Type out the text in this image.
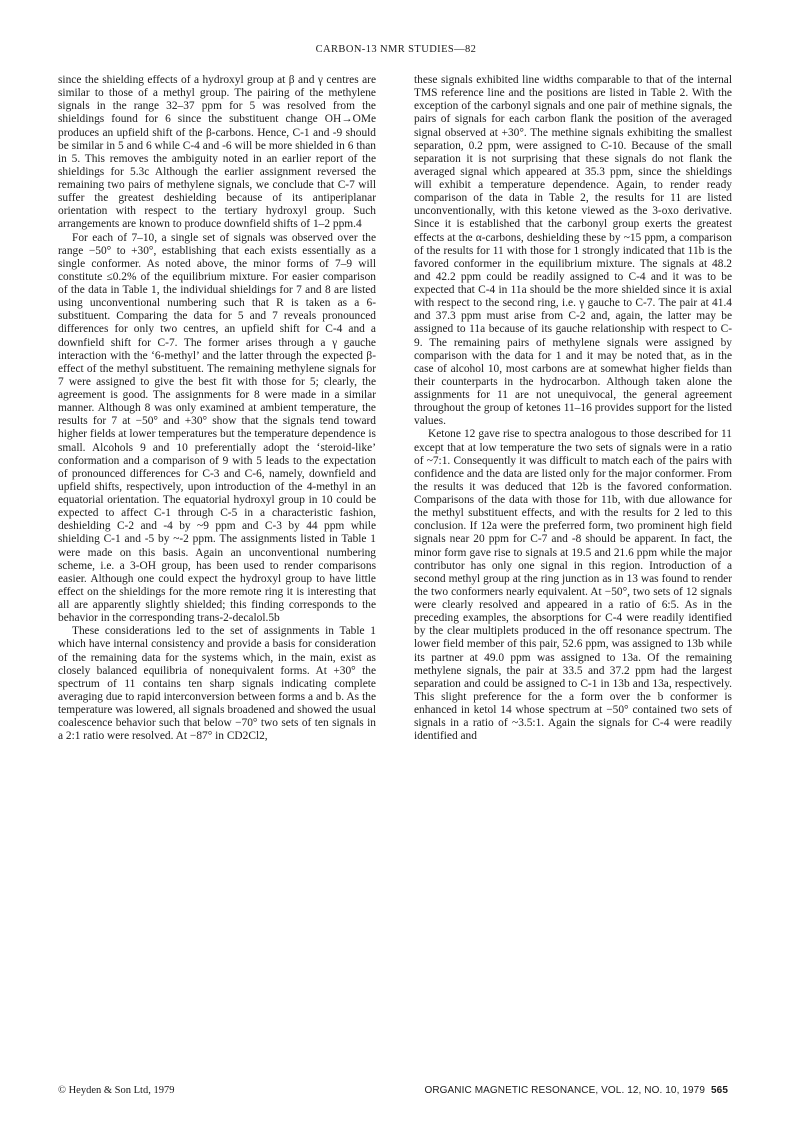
CARBON-13 NMR STUDIES—82

since the shielding effects of a hydroxyl group at β and γ centres are similar to those of a methyl group. The pairing of the methylene signals in the range 32–37 ppm for 5 was resolved from the shieldings found for 6 since the substituent change OH→OMe produces an upfield shift of the β-carbons. Hence, C-1 and -9 should be similar in 5 and 6 while C-4 and -6 will be more shielded in 6 than in 5. This removes the ambiguity noted in an earlier report of the shieldings for 5.3c Although the earlier assignment reversed the remaining two pairs of methylene signals, we conclude that C-7 will suffer the greatest deshielding because of its antiperiplanar orientation with respect to the tertiary hydroxyl group. Such arrangements are known to produce downfield shifts of 1–2 ppm.4

For each of 7–10, a single set of signals was observed over the range −50° to +30°, establishing that each exists essentially as a single conformer. As noted above, the minor forms of 7–9 will constitute ≤0.2% of the equilibrium mixture. For easier comparison of the data in Table 1, the individual shieldings for 7 and 8 are listed using unconventional numbering such that R is taken as a 6-substituent. Comparing the data for 5 and 7 reveals pronounced differences for only two centres, an upfield shift for C-4 and a downfield shift for C-7. The former arises through a γ gauche interaction with the ‘6-methyl’ and the latter through the expected β-effect of the methyl substituent. The remaining methylene signals for 7 were assigned to give the best fit with those for 5; clearly, the agreement is good. The assignments for 8 were made in a similar manner. Although 8 was only examined at ambient temperature, the results for 7 at −50° and +30° show that the signals tend toward higher fields at lower temperatures but the temperature dependence is small. Alcohols 9 and 10 preferentially adopt the ‘steroid-like’ conformation and a comparison of 9 with 5 leads to the expectation of pronounced differences for C-3 and C-6, namely, downfield and upfield shifts, respectively, upon introduction of the 4-methyl in an equatorial orientation. The equatorial hydroxyl group in 10 could be expected to affect C-1 through C-5 in a characteristic fashion, deshielding C-2 and -4 by ~9 ppm and C-3 by 44 ppm while shielding C-1 and -5 by ~-2 ppm. The assignments listed in Table 1 were made on this basis. Again an unconventional numbering scheme, i.e. a 3-OH group, has been used to render comparisons easier. Although one could expect the hydroxyl group to have little effect on the shieldings for the more remote ring it is interesting that all are apparently slightly shielded; this finding corresponds to the behavior in the corresponding trans-2-decalol.5b

These considerations led to the set of assignments in Table 1 which have internal consistency and provide a basis for consideration of the remaining data for the systems which, in the main, exist as closely balanced equilibria of nonequivalent forms. At +30° the spectrum of 11 contains ten sharp signals indicating complete averaging due to rapid interconversion between forms a and b. As the temperature was lowered, all signals broadened and showed the usual coalescence behavior such that below −70° two sets of ten signals in a 2:1 ratio were resolved. At −87° in CD2Cl2,

these signals exhibited line widths comparable to that of the internal TMS reference line and the positions are listed in Table 2. With the exception of the carbonyl signals and one pair of methine signals, the pairs of signals for each carbon flank the position of the averaged signal observed at +30°. The methine signals exhibiting the smallest separation, 0.2 ppm, were assigned to C-10. Because of the small separation it is not surprising that these signals do not flank the averaged signal which appeared at 35.3 ppm, since the shieldings will exhibit a temperature dependence. Again, to render ready comparison of the data in Table 2, the results for 11 are listed unconventionally, with this ketone viewed as the 3-oxo derivative. Since it is established that the carbonyl group exerts the greatest effects at the α-carbons, deshielding these by ~15 ppm, a comparison of the results for 11 with those for 1 strongly indicated that 11b is the favored conformer in the equilibrium mixture. The signals at 48.2 and 42.2 ppm could be readily assigned to C-4 and it was to be expected that C-4 in 11a should be the more shielded since it is axial with respect to the second ring, i.e. γ gauche to C-7. The pair at 41.4 and 37.3 ppm must arise from C-2 and, again, the latter may be assigned to 11a because of its gauche relationship with respect to C-9. The remaining pairs of methylene signals were assigned by comparison with the data for 1 and it may be noted that, as in the case of alcohol 10, most carbons are at somewhat higher fields than their counterparts in the hydrocarbon. Although taken alone the assignments for 11 are not unequivocal, the general agreement throughout the group of ketones 11–16 provides support for the listed values.

Ketone 12 gave rise to spectra analogous to those described for 11 except that at low temperature the two sets of signals were in a ratio of ~7:1. Consequently it was difficult to match each of the pairs with confidence and the data are listed only for the major conformer. From the results it was deduced that 12b is the favored conformation. Comparisons of the data with those for 11b, with due allowance for the methyl substituent effects, and with the results for 2 led to this conclusion. If 12a were the preferred form, two prominent high field signals near 20 ppm for C-7 and -8 should be apparent. In fact, the minor form gave rise to signals at 19.5 and 21.6 ppm while the major contributor has only one signal in this region. Introduction of a second methyl group at the ring junction as in 13 was found to render the two conformers nearly equivalent. At −50°, two sets of 12 signals were clearly resolved and appeared in a ratio of 6:5. As in the preceding examples, the absorptions for C-4 were readily identified by the clear multiplets produced in the off resonance spectrum. The lower field member of this pair, 52.6 ppm, was assigned to 13b while its partner at 49.0 ppm was assigned to 13a. Of the remaining methylene signals, the pair at 33.5 and 37.2 ppm had the largest separation and could be assigned to C-1 in 13b and 13a, respectively. This slight preference for the a form over the b conformer is enhanced in ketol 14 whose spectrum at −50° contained two sets of signals in a ratio of ~3.5:1. Again the signals for C-4 were readily identified and

© Heyden & Son Ltd, 1979	ORGANIC MAGNETIC RESONANCE, VOL. 12, NO. 10, 1979 565
